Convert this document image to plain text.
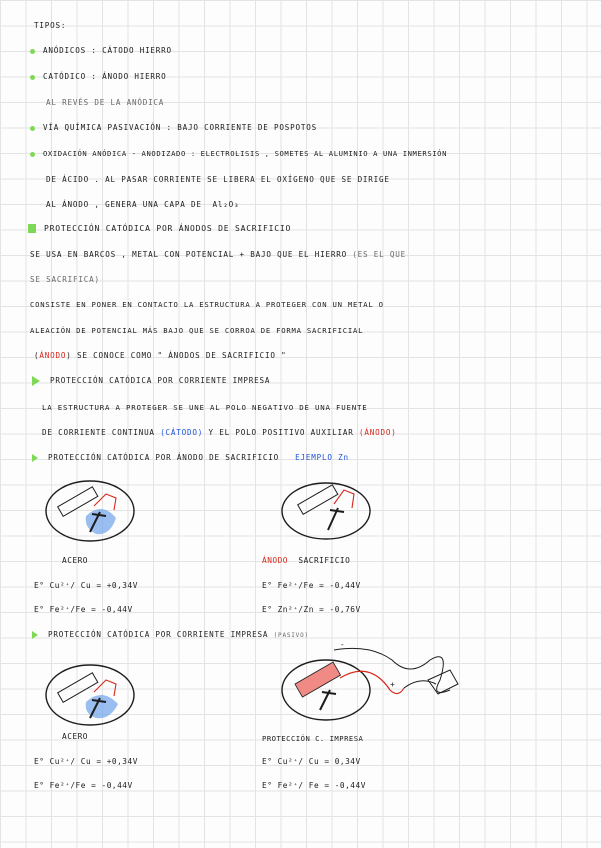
TIPOS:
ANÓDICOS : CÁTODO HIERRO
CATÓDICO : ÁNODO HIERRO
AL REVÉS DE LA ANÓDICA
VÍA QUÍMICA PASIVACIÓN : BAJO CORRIENTE DE POSPOTOS
OXIDACIÓN ANÓDICA - ANODIZADO : ELECTROLISIS , SOMETES AL ALUMINIO A UNA INMERSIÓN
DE ÁCIDO . AL PASAR CORRIENTE SE LIBERA EL OXÍGENO QUE SE DIRIGE
AL ÁNODO , GENERA UNA CAPA DE Al₂O₃
PROTECCIÓN CATÓDICA POR ÁNODOS DE SACRIFICIO
SE USA EN BARCOS , METAL CON POTENCIAL + BAJO QUE EL HIERRO (ES EL QUE
SE SACRIFICA)
CONSISTE EN PONER EN CONTACTO LA ESTRUCTURA A PROTEGER CON UN METAL O
ALEACIÓN DE POTENCIAL MÁS BAJO QUE SE CORROA DE FORMA SACRIFICIAL
(ÁNODO) SE CONOCE COMO " ÁNODOS DE SACRIFICIO "
PROTECCIÓN CATÓDICA POR CORRIENTE IMPRESA
LA ESTRUCTURA A PROTEGER SE UNE AL POLO NEGATIVO DE UNA FUENTE
DE CORRIENTE CONTINUA (CÁTODO) Y EL POLO POSITIVO AUXILIAR (ÁNODO)
PROTECCIÓN CATÓDICA POR ÁNODO DE SACRIFICIO EJEMPLO Zn
ACERO	ÁNODO SACRIFICIO
E° Cu²⁺/ Cu = +0,34V
E° Fe²⁺/Fe = -0,44V
E° Fe²⁺/Fe = -0,44V
E° Zn²⁺/Zn = -0,76V
PROTECCIÓN CATÓDICA POR CORRIENTE IMPRESA (PASIVO)
ACERO
-
+
PROTECCIÓN C. IMPRESA
E° Cu²⁺/ Cu = +0,34V
E° Fe²⁺/Fe = -0,44V
E° Cu²⁺/ Cu = 0,34V
E° Fe²⁺/ Fe = -0,44V
